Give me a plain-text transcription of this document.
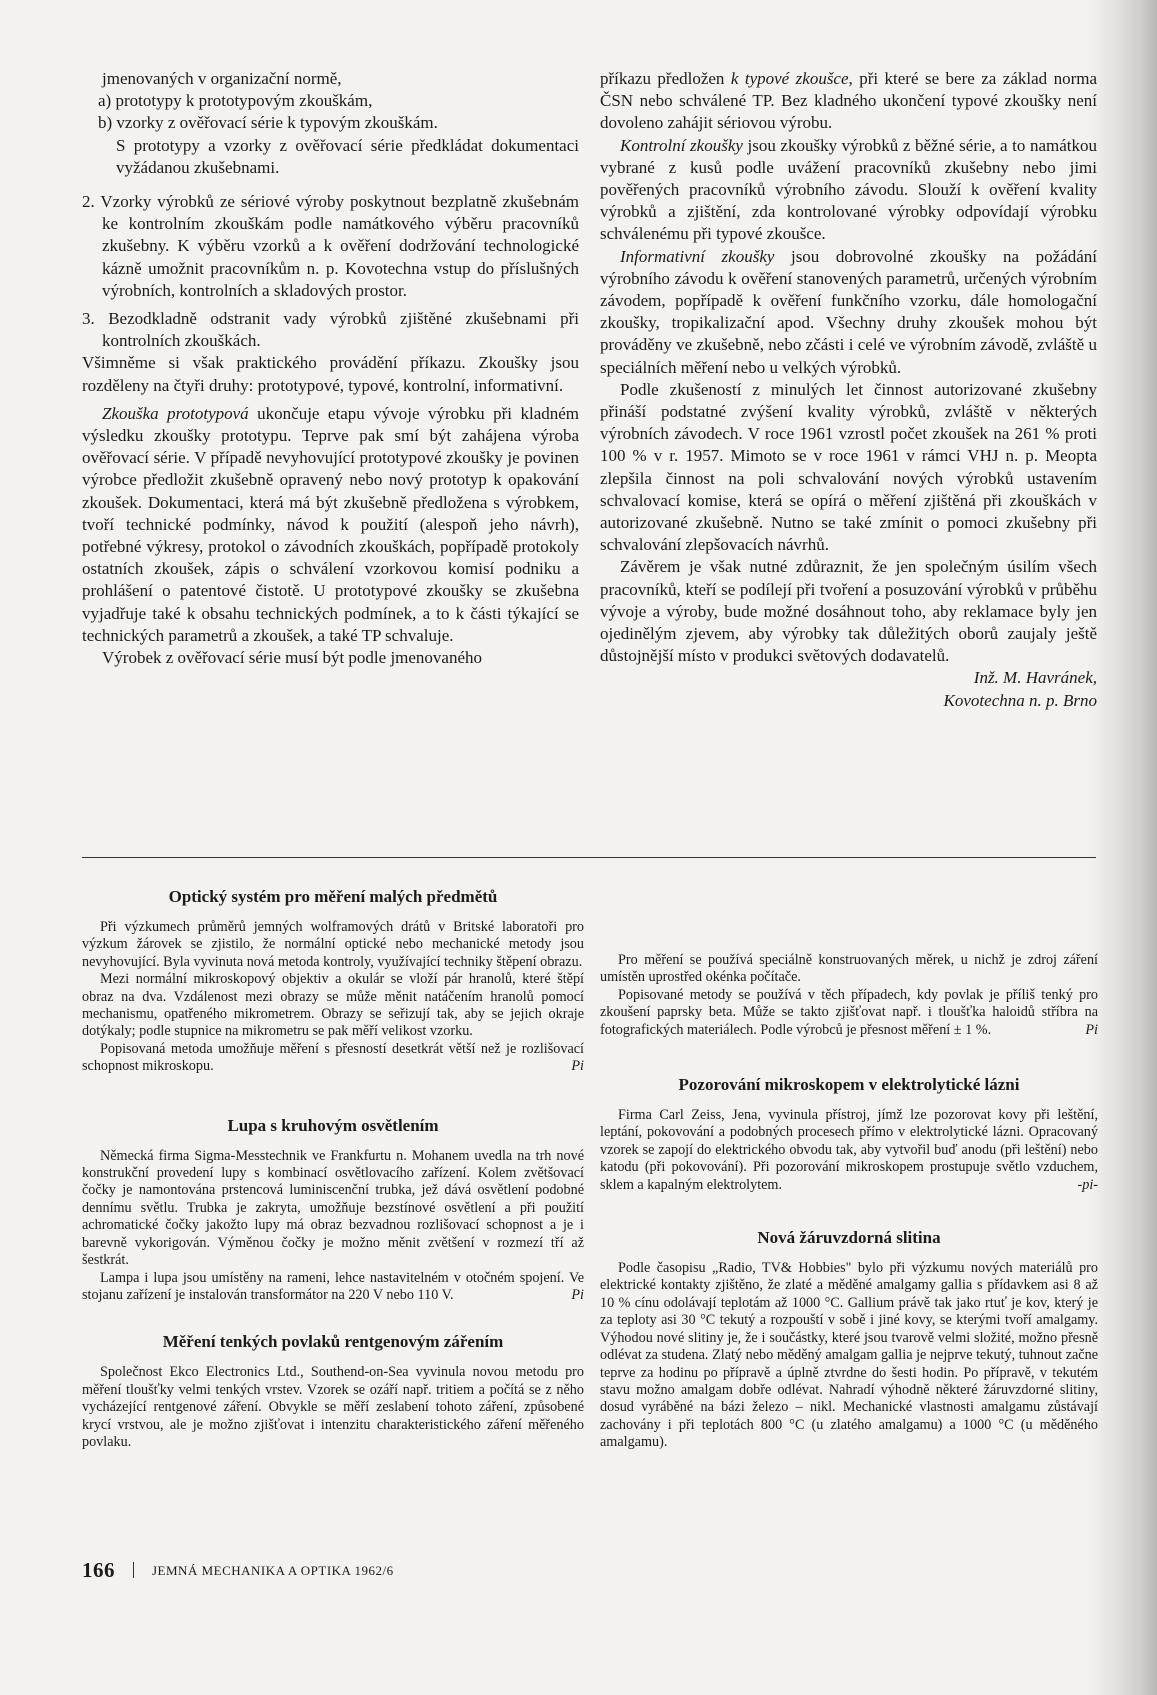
jmenovaných v organizační normě,

a) prototypy k prototypovým zkouškám,

b) vzorky z ověřovací série k typovým zkouškám.

S prototypy a vzorky z ověřovací série předkládat dokumentaci vyžádanou zkušebnami.

2. Vzorky výrobků ze sériové výroby poskytnout bezplatně zkušebnám ke kontrolním zkouškám podle namátkového výběru pracovníků zkušebny. K výběru vzorků a k ověření dodržování technologické kázně umožnit pracovníkům n. p. Kovotechna vstup do příslušných výrobních, kontrolních a skladových prostor.

3. Bezodkladně odstranit vady výrobků zjištěné zkušebnami při kontrolních zkouškách.

Všimněme si však praktického provádění příkazu. Zkoušky jsou rozděleny na čtyři druhy: prototypové, typové, kontrolní, informativní.

Zkouška prototypová ukončuje etapu vývoje výrobku při kladném výsledku zkoušky prototypu. Teprve pak smí být zahájena výroba ověřovací série. V případě nevyhovující prototypové zkoušky je povinen výrobce předložit zkušebně opravený nebo nový prototyp k opakování zkoušek. Dokumentaci, která má být zkušebně předložena s výrobkem, tvoří technické podmínky, návod k použití (alespoň jeho návrh), potřebné výkresy, protokol o závodních zkouškách, popřípadě protokoly ostatních zkoušek, zápis o schválení vzorkovou komisí podniku a prohlášení o patentové čistotě. U prototypové zkoušky se zkušebna vyjadřuje také k obsahu technických podmínek, a to k části týkající se technických parametrů a zkoušek, a také TP schvaluje.

Výrobek z ověřovací série musí být podle jmenovaného

příkazu předložen k typové zkoušce, při které se bere za základ norma ČSN nebo schválené TP. Bez kladného ukončení typové zkoušky není dovoleno zahájit sériovou výrobu.

Kontrolní zkoušky jsou zkoušky výrobků z běžné série, a to namátkou vybrané z kusů podle uvážení pracovníků zkušebny nebo jimi pověřených pracovníků výrobního závodu. Slouží k ověření kvality výrobků a zjištění, zda kontrolované výrobky odpovídají výrobku schválenému při typové zkoušce.

Informativní zkoušky jsou dobrovolné zkoušky na požádání výrobního závodu k ověření stanovených parametrů, určených výrobním závodem, popřípadě k ověření funkčního vzorku, dále homologační zkoušky, tropikalizační apod. Všechny druhy zkoušek mohou být prováděny ve zkušebně, nebo zčásti i celé ve výrobním závodě, zvláště u speciálních měření nebo u velkých výrobků.

Podle zkušeností z minulých let činnost autorizované zkušebny přináší podstatné zvýšení kvality výrobků, zvláště v některých výrobních závodech. V roce 1961 vzrostl počet zkoušek na 261 % proti 100 % v r. 1957. Mimoto se v roce 1961 v rámci VHJ n. p. Meopta zlepšila činnost na poli schvalování nových výrobků ustavením schvalovací komise, která se opírá o měření zjištěná při zkouškách v autorizované zkušebně. Nutno se také zmínit o pomoci zkušebny při schvalování zlepšovacích návrhů.

Závěrem je však nutné zdůraznit, že jen společným úsilím všech pracovníků, kteří se podílejí při tvoření a posuzování výrobků v průběhu vývoje a výroby, bude možné dosáhnout toho, aby reklamace byly jen ojedinělým zjevem, aby výrobky tak důležitých oborů zaujaly ještě důstojnější místo v produkci světových dodavatelů.

Inž. M. Havránek,

Kovotechna n. p. Brno

Optický systém pro měření malých předmětů

Při výzkumech průměrů jemných wolframových drátů v Britské laboratoři pro výzkum žárovek se zjistilo, že normální optické nebo mechanické metody jsou nevyhovující. Byla vyvinuta nová metoda kontroly, využívající techniky štěpení obrazu.

Mezi normální mikroskopový objektiv a okulár se vloží pár hranolů, které štěpí obraz na dva. Vzdálenost mezi obrazy se může měnit natáčením hranolů pomocí mechanismu, opatřeného mikrometrem. Obrazy se seřizují tak, aby se jejich okraje dotýkaly; podle stupnice na mikrometru se pak měří velikost vzorku.

Popisovaná metoda umožňuje měření s přesností desetkrát větší než je rozlišovací schopnost mikroskopu.	Pi

Lupa s kruhovým osvětlením

Německá firma Sigma-Messtechnik ve Frankfurtu n. Mohanem uvedla na trh nové konstrukční provedení lupy s kombinací osvětlovacího zařízení. Kolem zvětšovací čočky je namontována prstencová luminiscenční trubka, jež dává osvětlení podobné dennímu světlu. Trubka je zakryta, umožňuje bezstínové osvětlení a při použití achromatické čočky jakožto lupy má obraz bezvadnou rozlišovací schopnost a je i barevně vykorigován. Výměnou čočky je možno měnit zvětšení v rozmezí tří až šestkrát.

Lampa i lupa jsou umístěny na rameni, lehce nastavitelném v otočném spojení. Ve stojanu zařízení je instalován transformátor na 220 V nebo 110 V.	Pi

Měření tenkých povlaků rentgenovým zářením

Společnost Ekco Electronics Ltd., Southend-on-Sea vyvinula novou metodu pro měření tloušťky velmi tenkých vrstev. Vzorek se ozáří např. tritiem a počítá se z něho vycházející rentgenové záření. Obvykle se měří zeslabení tohoto záření, způsobené krycí vrstvou, ale je možno zjišťovat i intenzitu charakteristického záření měřeného povlaku.

Pro měření se používá speciálně konstruovaných měrek, u nichž je zdroj záření umístěn uprostřed okénka počítače.

Popisované metody se používá v těch případech, kdy povlak je příliš tenký pro zkoušení paprsky beta. Může se takto zjišťovat např. i tloušťka haloidů stříbra na fotografických materiálech. Podle výrobců je přesnost měření ± 1 %.	Pi

Pozorování mikroskopem v elektrolytické lázni

Firma Carl Zeiss, Jena, vyvinula přístroj, jímž lze pozorovat kovy při leštění, leptání, pokovování a podobných procesech přímo v elektrolytické lázni. Opracovaný vzorek se zapojí do elektrického obvodu tak, aby vytvořil buď anodu (při leštění) nebo katodu (při pokovování). Při pozorování mikroskopem prostupuje světlo vzduchem, sklem a kapalným elektrolytem.	-pi-

Nová žáruvzdorná slitina

Podle časopisu „Radio, TV& Hobbies" bylo při výzkumu nových materiálů pro elektrické kontakty zjištěno, že zlaté a měděné amalgamy gallia s přídavkem asi 8 až 10 % cínu odolávají teplotám až 1000 °C. Gallium právě tak jako rtuť je kov, který je za teploty asi 30 °C tekutý a rozpouští v sobě i jiné kovy, se kterými tvoří amalgamy. Výhodou nové slitiny je, že i součástky, které jsou tvarově velmi složité, možno přesně odlévat za studena. Zlatý nebo měděný amalgam gallia je nejprve tekutý, tuhnout začne teprve za hodinu po přípravě a úplně ztvrdne do šesti hodin. Po přípravě, v tekutém stavu možno amalgam dobře odlévat. Nahradí výhodně některé žáruvzdorné slitiny, dosud vyráběné na bázi železo – nikl. Mechanické vlastnosti amalgamu zůstávají zachovány i při teplotách 800 °C (u zlatého amalgamu) a 1000 °C (u měděného amalgamu).

166	JEMNÁ MECHANIKA A OPTIKA 1962/6
